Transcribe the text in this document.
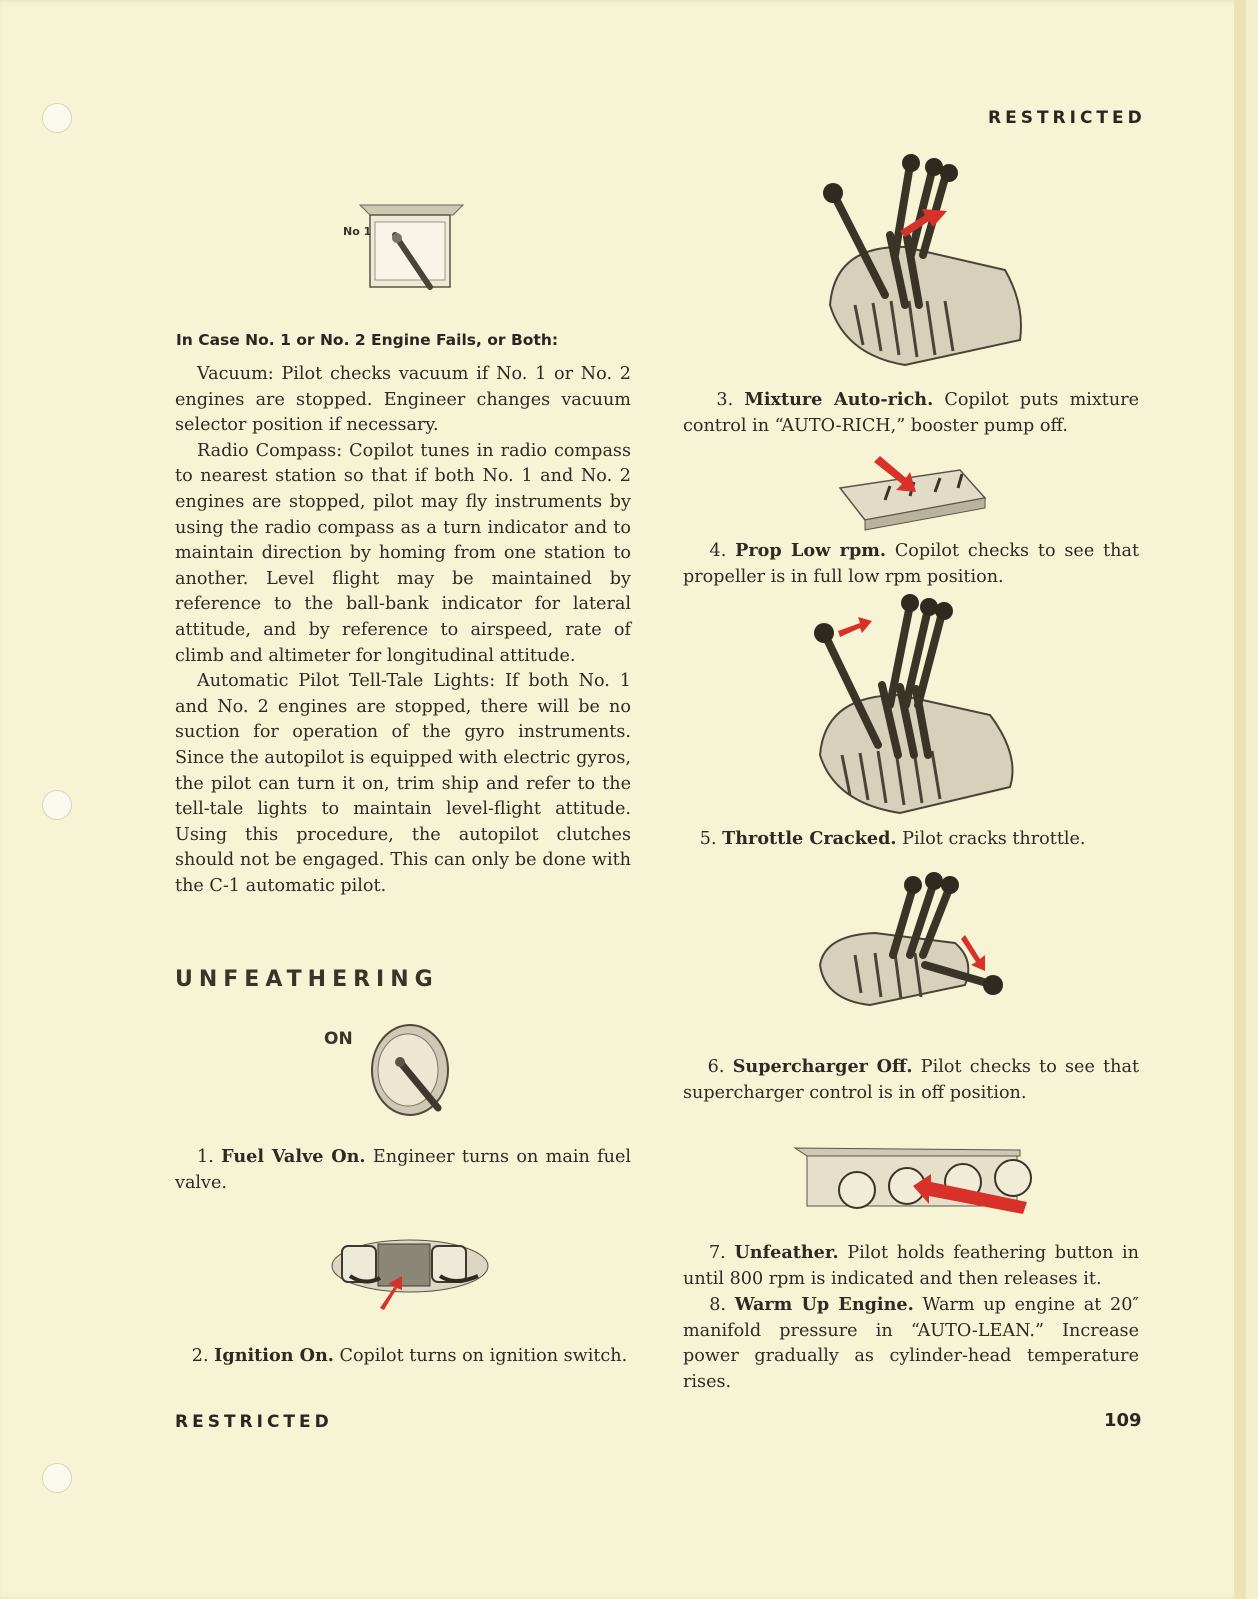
RESTRICTED
No 1
In Case No. 1 or No. 2 Engine Fails, or Both:

Vacuum: Pilot checks vacuum if No. 1 or No. 2 engines are stopped. Engineer changes vacuum selector position if necessary.

Radio Compass: Copilot tunes in radio compass to nearest station so that if both No. 1 and No. 2 engines are stopped, pilot may fly instruments by using the radio compass as a turn indicator and to maintain direction by homing from one station to another. Level flight may be maintained by reference to the ball-bank indicator for lateral attitude, and by reference to airspeed, rate of climb and altimeter for longitudinal attitude.

Automatic Pilot Tell-Tale Lights: If both No. 1 and No. 2 engines are stopped, there will be no suction for operation of the gyro instruments. Since the autopilot is equipped with electric gyros, the pilot can turn it on, trim ship and refer to the tell-tale lights to maintain level-flight attitude. Using this procedure, the autopilot clutches should not be engaged. This can only be done with the C-1 automatic pilot.

UNFEATHERING
ON
1. Fuel Valve On. Engineer turns on main fuel valve.
2. Ignition On. Copilot turns on ignition switch.
RESTRICTED
3. Mixture Auto-rich. Copilot puts mixture control in “AUTO-RICH,” booster pump off.
4. Prop Low rpm. Copilot checks to see that propeller is in full low rpm position.
5. Throttle Cracked. Pilot cracks throttle.
6. Supercharger Off. Pilot checks to see that supercharger control is in off position.
7. Unfeather. Pilot holds feathering button in until 800 rpm is indicated and then releases it.
8. Warm Up Engine. Warm up engine at 20″ manifold pressure in “AUTO-LEAN.” Increase power gradually as cylinder-head temperature rises.
109
